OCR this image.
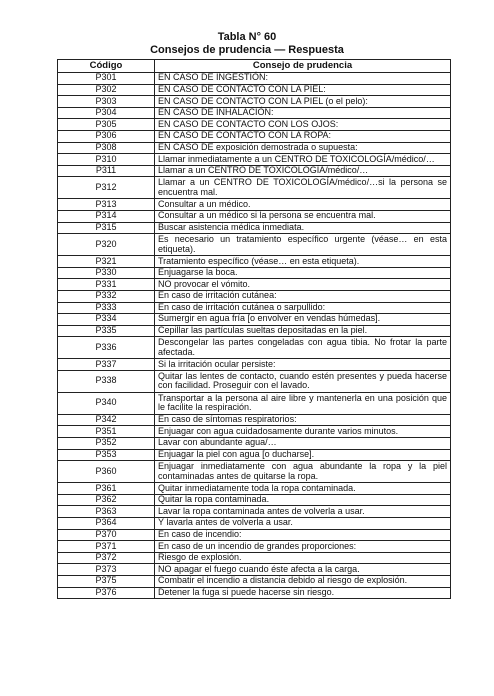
Tabla N° 60
Consejos de prudencia — Respuesta
Código	Consejo de prudencia
P301	EN CASO DE INGESTIÓN:
P302	EN CASO DE CONTACTO CON LA PIEL:
P303	EN CASO DE CONTACTO CON LA PIEL (o el pelo):
P304	EN CASO DE INHALACIÓN:
P305	EN CASO DE CONTACTO CON LOS OJOS:
P306	EN CASO DE CONTACTO CON LA ROPA:
P308	EN CASO DE exposición demostrada o supuesta:
P310	Llamar inmediatamente a un CENTRO DE TOXICOLOGÍA/médico/…
P311	Llamar a un CENTRO DE TOXICOLOGÍA/médico/…
P312	Llamar a un CENTRO DE TOXICOLOGÍA/médico/…si la persona se encuentra mal.
P313	Consultar a un médico.
P314	Consultar a un médico si la persona se encuentra mal.
P315	Buscar asistencia médica inmediata.
P320	Es necesario un tratamiento específico urgente (véase… en esta etiqueta).
P321	Tratamiento específico (véase… en esta etiqueta).
P330	Enjuagarse la boca.
P331	NO provocar el vómito.
P332	En caso de irritación cutánea:
P333	En caso de irritación cutánea o sarpullido:
P334	Sumergir en agua fría [o envolver en vendas húmedas].
P335	Cepillar las partículas sueltas depositadas en la piel.
P336	Descongelar las partes congeladas con agua tibia. No frotar la parte afectada.
P337	Si la irritación ocular persiste:
P338	Quitar las lentes de contacto, cuando estén presentes y pueda hacerse con facilidad. Proseguir con el lavado.
P340	Transportar a la persona al aire libre y mantenerla en una posición que le facilite la respiración.
P342	En caso de síntomas respiratorios:
P351	Enjuagar con agua cuidadosamente durante varios minutos.
P352	Lavar con abundante agua/…
P353	Enjuagar la piel con agua [o ducharse].
P360	Enjuagar inmediatamente con agua abundante la ropa y la piel contaminadas antes de quitarse la ropa.
P361	Quitar inmediatamente toda la ropa contaminada.
P362	Quitar la ropa contaminada.
P363	Lavar la ropa contaminada antes de volverla a usar.
P364	Y lavarla antes de volverla a usar.
P370	En caso de incendio:
P371	En caso de un incendio de grandes proporciones:
P372	Riesgo de explosión.
P373	NO apagar el fuego cuando éste afecta a la carga.
P375	Combatir el incendio a distancia debido al riesgo de explosión.
P376	Detener la fuga si puede hacerse sin riesgo.
